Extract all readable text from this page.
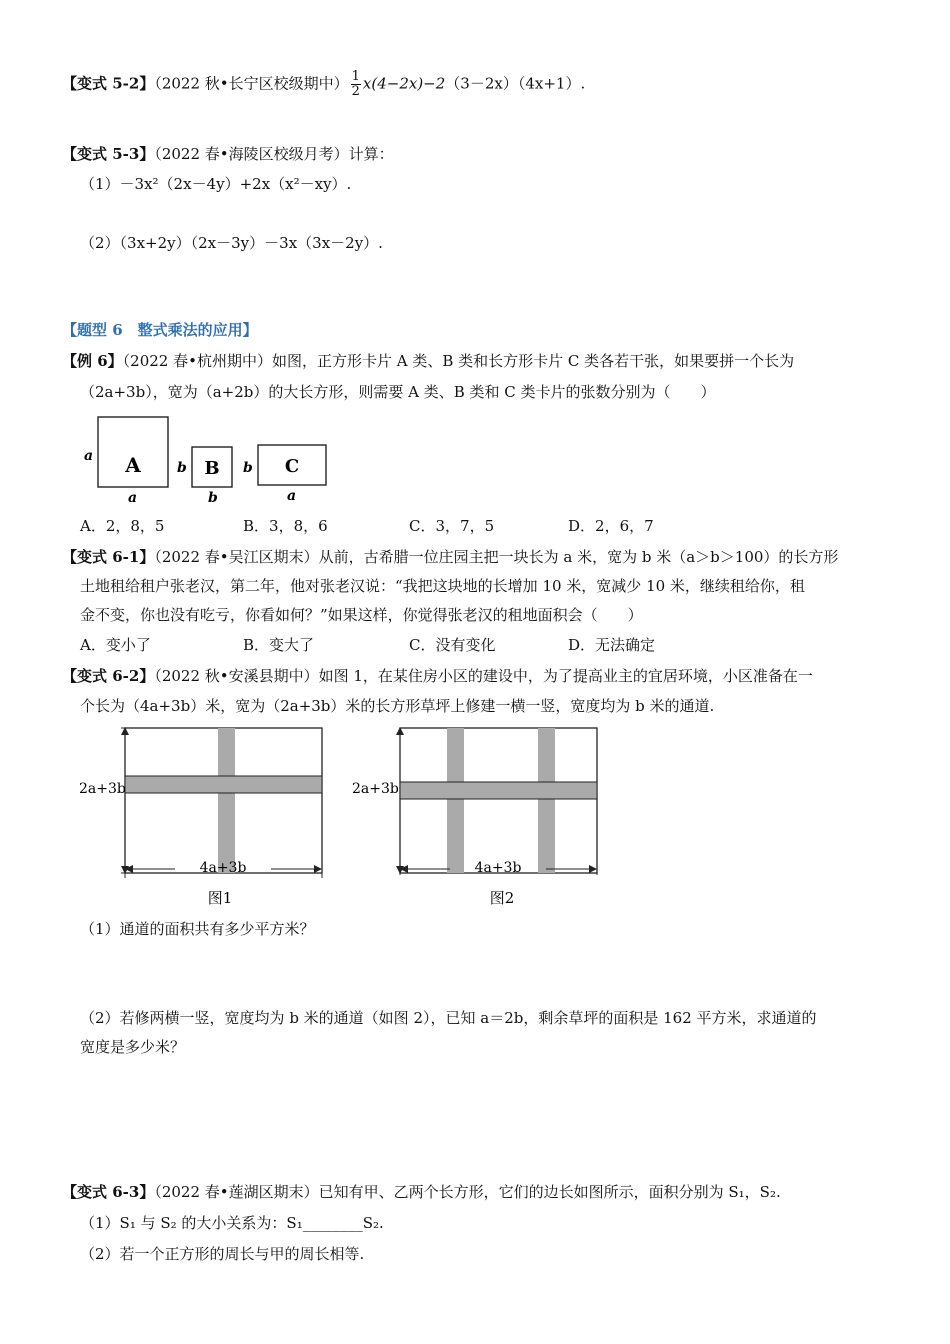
【变式 5-2】（2022 秋•长宁区校级期中） $\frac{1}{2} x(4-2x)-2(3-2x)(4x+1)$.
【变式 5-3】（2022 春•海陵区校级月考）计算：
（1）－3x²（2x－4y）+2x（x²－xy）.
（2）（3x+2y）（2x－3y）－3x（3x－2y）.
【题型 6　整式乘法的应用】
【例 6】（2022 春•杭州期中）如图，正方形卡片 A 类、B 类和长方形卡片 C 类各若干张，如果要拼一个长为
（2a+3b），宽为（a+2b）的大长方形，则需要 A 类、B 类和 C 类卡片的张数分别为（　　）
a A
a
b B
b
b C
a
A．2，8，5	B．3，8，6	C．3，7，5	D．2，6，7
【变式 6-1】（2022 春•吴江区期末）从前，古希腊一位庄园主把一块长为 a 米，宽为 b 米（a＞b＞100）的长方形
土地租给租户张老汉，第二年，他对张老汉说：“我把这块地的长增加 10 米，宽减少 10 米，继续租给你，租
金不变，你也没有吃亏，你看如何？”如果这样，你觉得张老汉的租地面积会（　　）
A．变小了	B．变大了	C．没有变化	D．无法确定
【变式 6-2】（2022 秋•安溪县期中）如图 1，在某住房小区的建设中，为了提高业主的宜居环境，小区准备在一
个长为（4a+3b）米，宽为（2a+3b）米的长方形草坪上修建一横一竖，宽度均为 b 米的通道.
2a+3b
4a+3b
图1
2a+3b
4a+3b
图2
（1）通道的面积共有多少平方米？
（2）若修两横一竖，宽度均为 b 米的通道（如图 2），已知 a＝2b，剩余草坪的面积是 162 平方米，求通道的
宽度是多少米？
【变式 6-3】（2022 春•莲湖区期末）已知有甲、乙两个长方形，它们的边长如图所示，面积分别为 S₁，S₂.
（1）S₁ 与 S₂ 的大小关系为：S₁________S₂.
（2）若一个正方形的周长与甲的周长相等.
